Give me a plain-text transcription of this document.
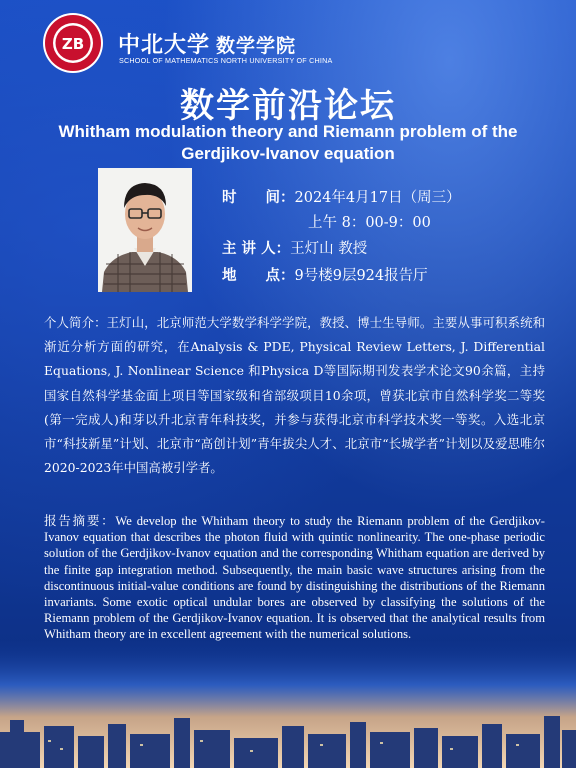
ZB 中北大学 数学学院
SCHOOL OF MATHEMATICS NORTH UNIVERSITY OF CHINA
数学前沿论坛
Whitham modulation theory and Riemann problem of the Gerdjikov-Ivanov equation
时　　间：2024年4月17日（周三）
上午 8：00-9：00
主 讲 人：王灯山 教授
地　　点：9号楼9层924报告厅
个人简介：王灯山，北京师范大学数学科学学院，教授、博士生导师。主要从事可积系统和渐近分析方面的研究，在Analysis & PDE, Physical Review Letters, J. Differential Equations, J. Nonlinear Science 和Physica D等国际期刊发表学术论文90余篇，主持国家自然科学基金面上项目等国家级和省部级项目10余项，曾获北京市自然科学奖二等奖(第一完成人)和芽以升北京青年科技奖，并参与获得北京市科学技术奖一等奖。入选北京市“科技新星”计划、北京市“高创计划”青年拔尖人才、北京市“长城学者”计划以及爱思唯尔2020-2023年中国高被引学者。
报告摘要：We develop the Whitham theory to study the Riemann problem of the Gerdjikov-Ivanov equation that describes the photon fluid with quintic nonlinearity. The one-phase periodic solution of the Gerdjikov-Ivanov equation and the corresponding Whitham equation are derived by the finite gap integration method. Subsequently, the main basic wave structures arising from the discontinuous initial-value conditions are found by distinguishing the distributions of the Riemann invariants. Some exotic optical undular bores are observed by classifying the solutions of the Riemann problem of the Gerdjikov-Ivanov equation. It is observed that the analytical results from Whitham theory are in excellent agreement with the numerical solutions.
